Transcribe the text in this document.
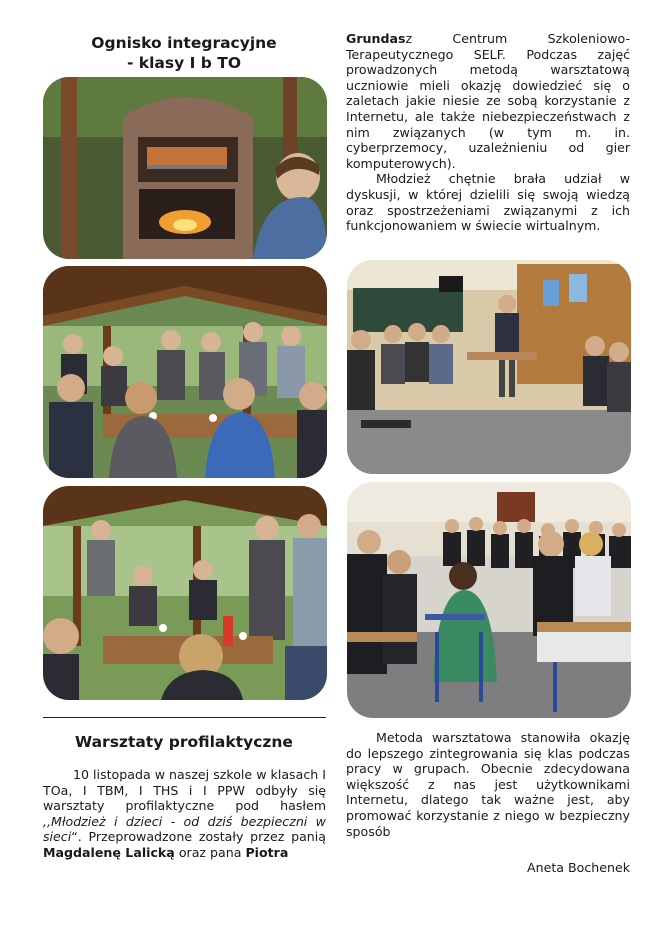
Ognisko integracyjne
- klasy I b TO
Warsztaty profilaktyczne

10 listopada w naszej szkole w klasach I TOa, I TBM, I THS i I PPW odbyły się warsztaty profilaktyczne pod hasłem ,,Młodzież i dzieci - od dziś bezpieczni w sieci“. Przeprowadzone zostały przez panią Magdalenę Lalicką oraz pana Piotra

Grundasz Centrum Szkoleniowo-Terapeutycznego SELF. Podczas zajęć prowadzonych metodą warsztatową uczniowie mieli okazję dowiedzieć się o zaletach jakie niesie ze sobą korzystanie z Internetu, ale także niebezpieczeństwach z nim związanych (w tym m. in. cyberprzemocy, uzależnieniu od gier komputerowych).

Młodzież chętnie brała udział w dyskusji, w której dzielili się swoją wiedzą oraz spostrzeżeniami związanymi z ich funkcjonowaniem w świecie wirtualnym.

Metoda warsztatowa stanowiła okazję do lepszego zintegrowania się klas podczas pracy w grupach. Obecnie zdecydowana większość z nas jest użytkownikami Internetu, dlatego tak ważne jest, aby promować korzystanie z niego w bezpieczny sposób

Aneta Bochenek
